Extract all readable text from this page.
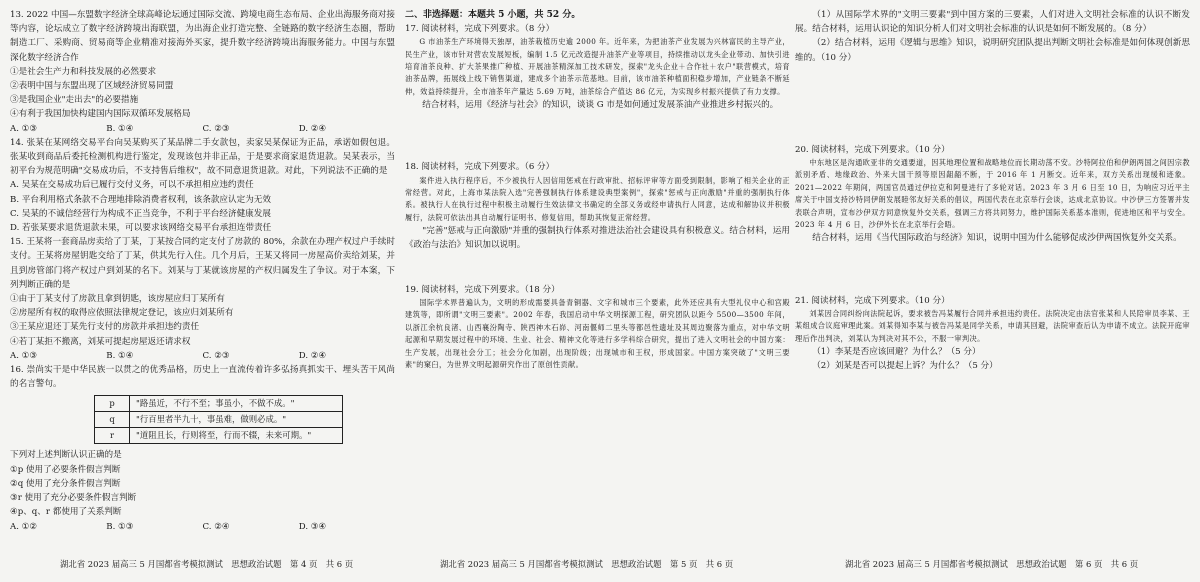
13. 2022 中国—东盟数字经济全球高峰论坛通过国际交流、跨境电商生态布局、企业出海服务商对接等内容，论坛成立了数字经济跨境出海联盟，为出海企业打造完整、全链路的数字经济生态圈，帮助制造工厂、采购商、贸易商等企业精准对接海外买家，提升数字经济跨境出海服务能力。中国与东盟深化数字经济合作

①是社会生产力和科技发展的必然要求

②表明中国与东盟出现了区域经济贸易同盟

③是我国企业"走出去"的必要措施

④有利于我国加快构建国内国际双循环发展格局

A. ①③	B. ①④	C. ②③	D. ②④

14. 张某在某网络交易平台向吴某购买了某品牌二手女款包，卖家吴某保证为正品，承诺如假包退。张某收到商品后委托检测机构进行鉴定，发现该包并非正品，于是要求商家退货退款。吴某表示，当初平台为规范明确"交易成功后，不支持售后维权"，故不同意退货退款。对此，下列说法不正确的是

A. 吴某在交易成功后已履行交付义务，可以不承担相应违约责任

B. 平台利用格式条款不合理地排除消费者权利，该条款应认定为无效

C. 吴某的不诚信经营行为构成不正当竞争，不利于平台经济健康发展

D. 若张某要求退货退款未果，可以要求该网络交易平台承担连带责任

15. 王某将一套商品房卖给了丁某，丁某按合同约定支付了房款的 80%，余款在办理产权过户手续时支付。王某将房屋钥匙交给了丁某，供其先行入住。几个月后，王某又将同一房屋高价卖给刘某，并且到房管部门将产权过户到刘某的名下。刘某与丁某就该房屋的产权归属发生了争议。对于本案，下列判断正确的是

①由于丁某支付了房款且拿到钥匙，该房屋应归丁某所有

②房屋所有权的取得应依照法律规定登记，该应归刘某所有

③王某应退还丁某先行支付的房款并承担违约责任

④若丁某拒不搬离，刘某可提起房屋返还请求权

A. ①③	B. ①④	C. ②③	D. ②④

16. 崇尚实干是中华民族一以贯之的优秀品格，历史上一直流传着许多弘扬真抓实干、埋头苦干风尚的名言警句。

p	"路虽近，不行不至；事虽小，不做不成。"
q	"行百里者半九十，事虽难，做则必成。"
r	"道阻且长，行则将至，行而不辍，未来可期。"

下列对上述判断认识正确的是

①p 使用了必要条件假言判断

②q 使用了充分条件假言判断

③r 使用了充分必要条件假言判断

④p、q、r 都使用了关系判断

A. ①②	B. ①③	C. ②④	D. ③④

二、非选择题：本题共 5 小题，共 52 分。

17. 阅读材料，完成下列要求。（8 分）

G 市油茶生产环境得天独厚，油茶栽植历史逾 2000 年。近年来，为把油茶产业发展为兴林富民的主导产业，民生产业，该市针对营农发展短板，编制 1.5 亿元改造提升油茶产业等项目，持续推动以龙头企业带动、加快引进培育油茶良种、扩大茶果推广种植、开展油茶精深加工技术研发，探索"龙头企业＋合作社＋农户"联营模式，培育油茶品牌，拓展线上线下销售渠道，建成多个油茶示范基地。目前，该市油茶种植面积稳步增加，产业链条不断延伸，效益持续提升，全市油茶年产量达 5.69 万吨，油茶综合产值达 86 亿元，为实现乡村振兴提供了有力支撑。

结合材料，运用《经济与社会》的知识，谈谈 G 市是如何通过发展茶油产业推进乡村振兴的。

18. 阅读材料，完成下列要求。（6 分）

案件进入执行程序后，不少被执行人因信用惩戒在行政审批、招标评审等方面受到限制，影响了相关企业的正常经营。对此，上海市某法院入选"完善强制执行体系建设典型案例"，探索"惩戒与正向激励"并重的强制执行体系。被执行人在执行过程中积极主动履行生效法律文书确定的全部义务或经申请执行人同意，达成和解协议并积极履行，法院可依法出具自动履行证明书、修复信用，帮助其恢复正常经营。

"完善"惩戒与正向激励"并重的强制执行体系对推进法治社会建设具有积极意义。结合材料，运用《政治与法治》知识加以说明。

19. 阅读材料，完成下列要求。（18 分）

国际学术界普遍认为，文明的形成需要具备青铜器、文字和城市三个要素，此外还应具有大型礼仪中心和宫殿建筑等，即所谓"文明三要素"。2002 年春，我国启动中华文明探源工程，研究团队以距今 5500—3500 年间，以浙江余杭良渚、山西襄汾陶寺、陕西神木石峁、河南偃师二里头等都邑性遗址及其周边聚落为重点，对中华文明起源和早期发展过程中的环境、生业、社会、精神文化等进行多学科综合研究，提出了进入文明社会的中国方案：生产发展，出现社会分工；社会分化加剧，出现阶级；出现城市和王权，形成国家。中国方案突破了"文明三要素"的窠臼，为世界文明起源研究作出了原创性贡献。

（1）从国际学术界的"文明三要素"到中国方案的三要素，人们对进入文明社会标准的认识不断发展。结合材料，运用认识论的知识分析人们对文明社会标准的认识是如何不断发展的。（8 分）

（2）结合材料，运用《逻辑与思维》知识，说明研究团队提出判断文明社会标准是如何体现创新思维的。（10 分）

20. 阅读材料，完成下列要求。（10 分）

中东地区是沟通欧亚非的交通要道，因其地理位置和战略地位而长期动荡不安。沙特阿拉伯和伊朗两国之间因宗教派别矛盾、地缘政治、外来大国干预等原因龃龉不断，于 2016 年 1 月断交。近年来，双方关系出现缓和迹象。2021—2022 年期间，两国官员通过伊拉克和阿曼进行了多轮对话。2023 年 3 月 6 日至 10 日，为响应习近平主席关于中国支持沙特同伊朗发展睦邻友好关系的倡议，两国代表在北京举行会谈，达成北京协议。中沙伊三方签署并发表联合声明，宣布沙伊双方同意恢复外交关系，强调三方将共同努力，维护国际关系基本准则，促进地区和平与安全。2023 年 4 月 6 日，沙伊外长在北京举行会晤。

结合材料，运用《当代国际政治与经济》知识，说明中国为什么能够促成沙伊两国恢复外交关系。

21. 阅读材料，完成下列要求。（10 分）

刘某因合同纠纷向法院起诉，要求被告冯某履行合同并承担违约责任。法院决定由法官张某和人民陪审员李某、王某组成合议庭审理此案。刘某得知李某与被告冯某是同学关系，申请其回避，法院审查后认为申请不成立。法院开庭审理后作出判决，刘某认为判决对其不公，不服一审判决。

（1）李某是否应该回避？为什么？（5 分）

（2）刘某是否可以提起上诉？为什么？（5 分）

湖北省 2023 届高三 5 月国都省考模拟测试　思想政治试题　第 4 页　共 6 页	湖北省 2023 届高三 5 月国都省考模拟测试　思想政治试题　第 5 页　共 6 页	湖北省 2023 届高三 5 月国都省考模拟测试　思想政治试题　第 6 页　共 6 页
